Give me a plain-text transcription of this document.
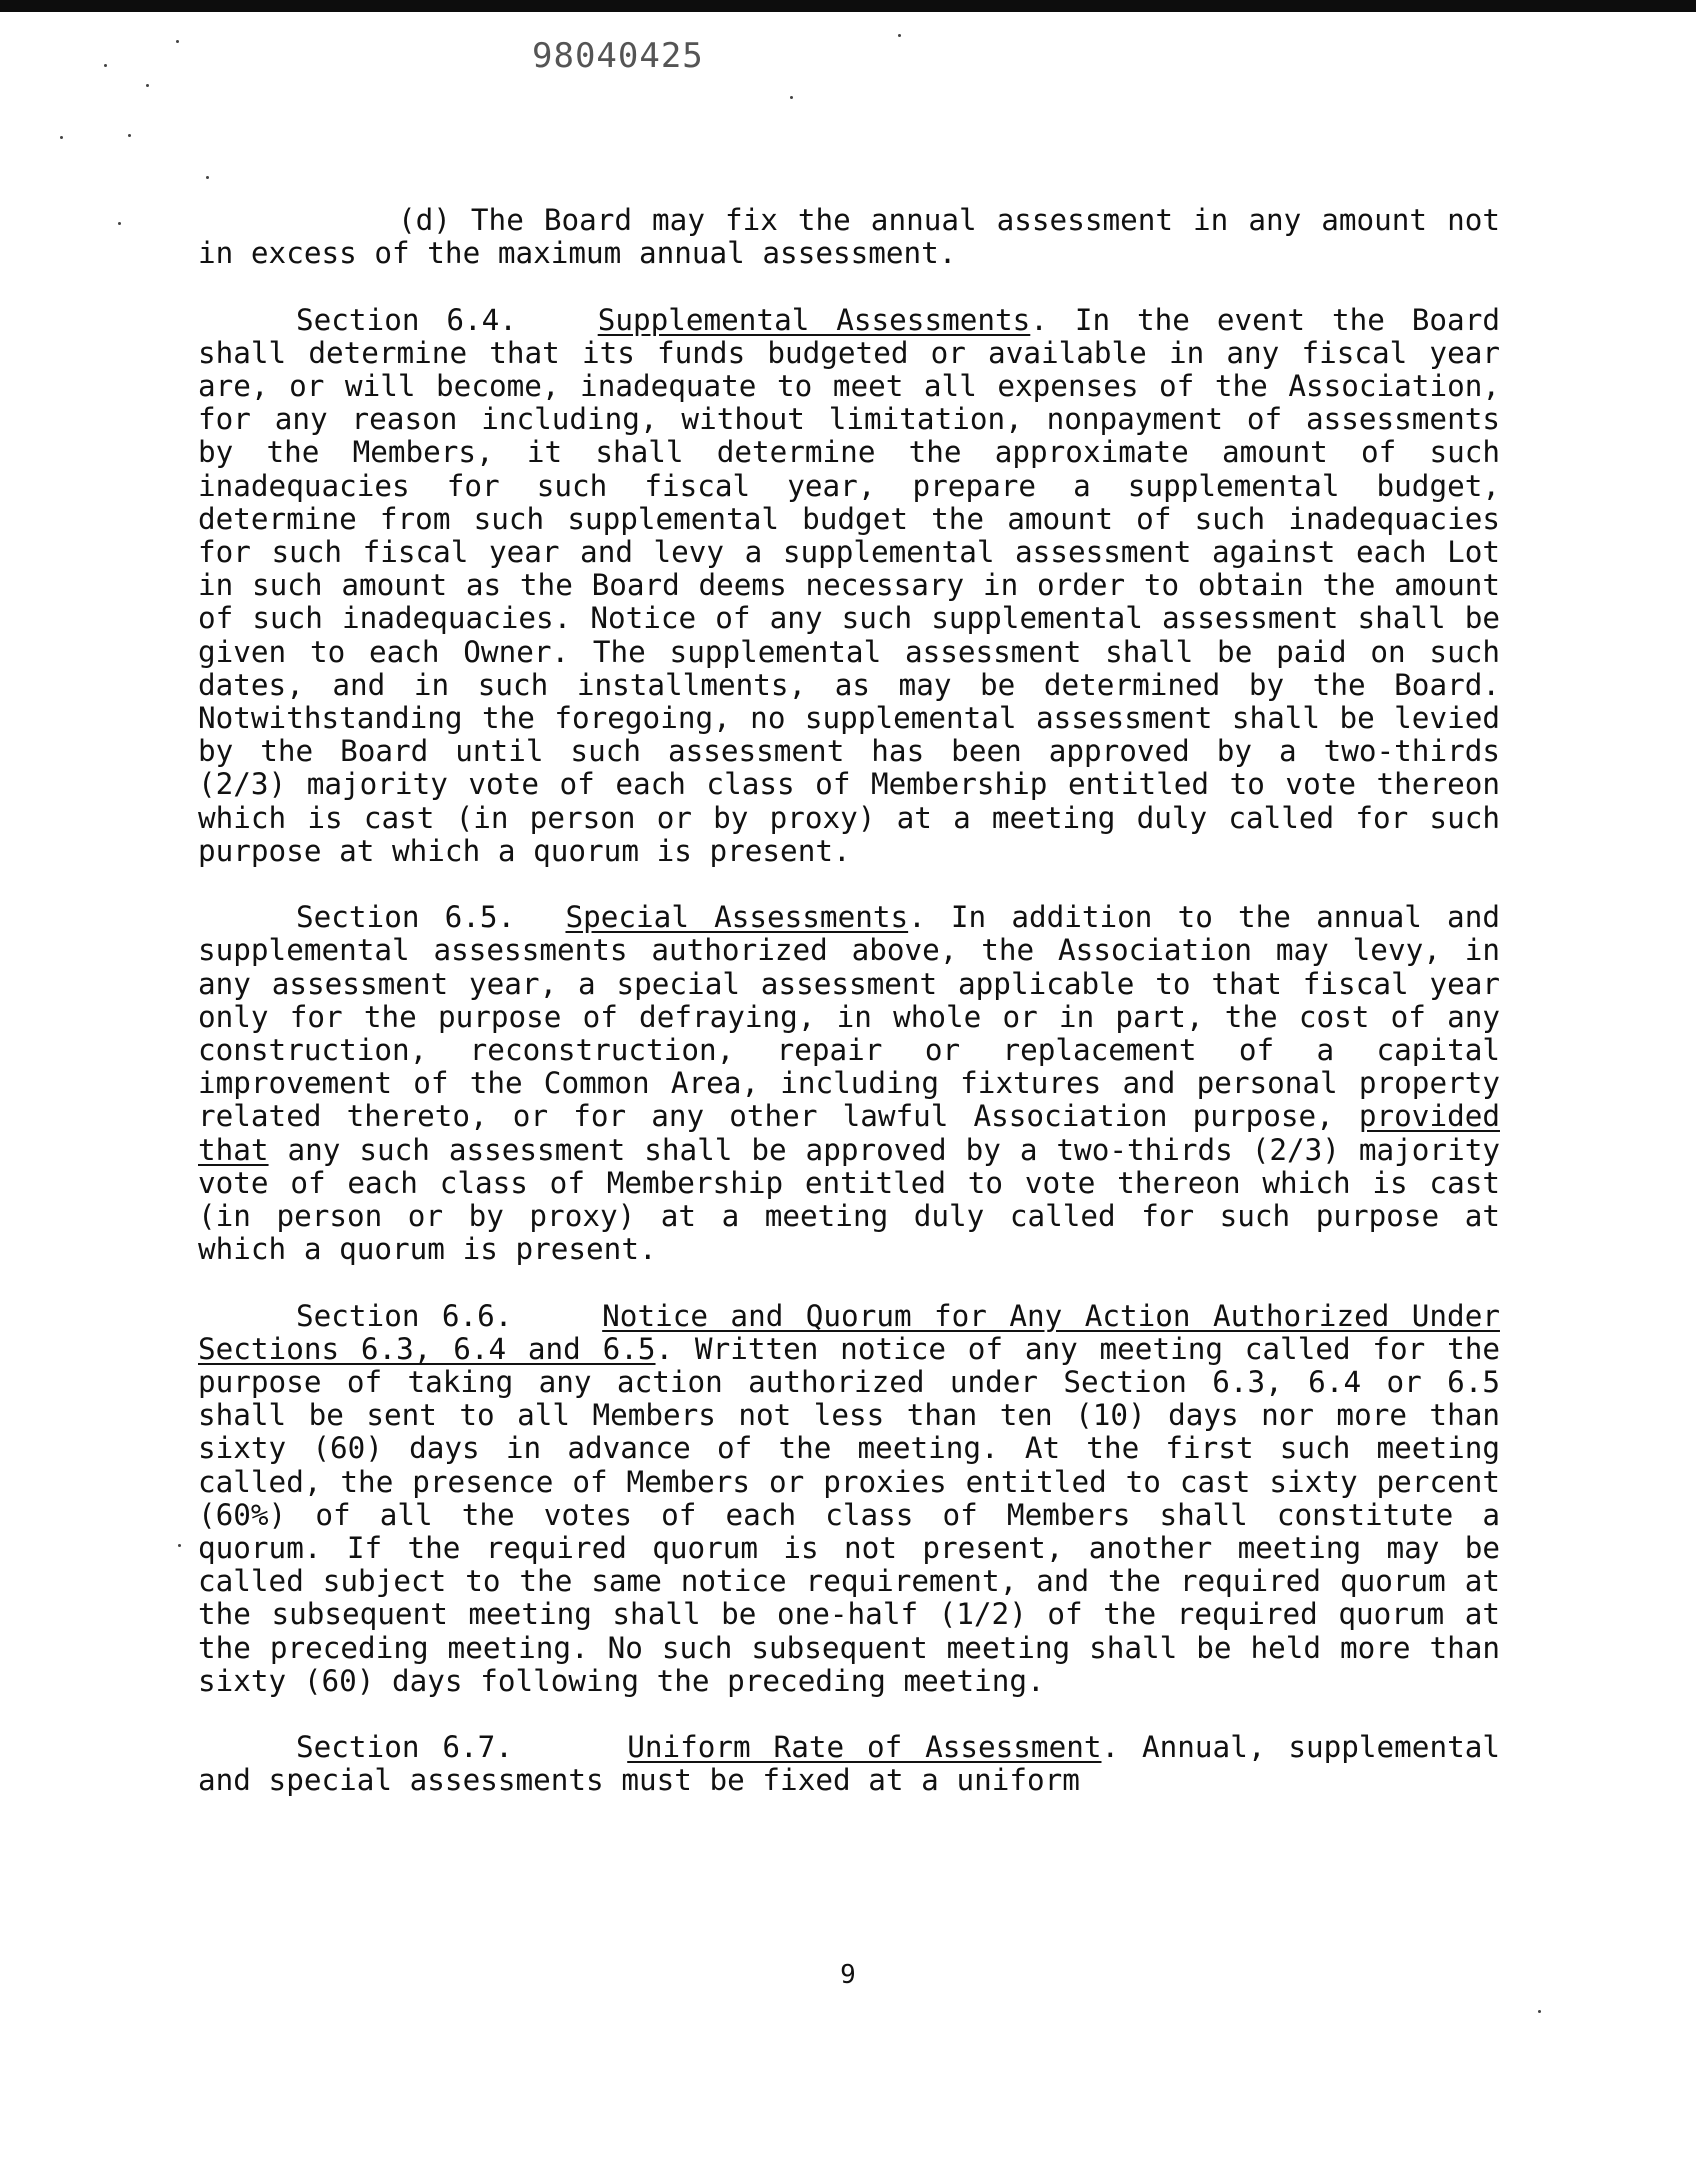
98040425

(d) The Board may fix the annual assessment in any amount not in excess of the maximum annual assessment.

Section 6.4.	Supplemental Assessments. In the event the Board shall determine that its funds budgeted or available in any fiscal year are, or will become, inadequate to meet all expenses of the Association, for any reason including, without limitation, nonpayment of assessments by the Members, it shall determine the approximate amount of such inadequacies for such fiscal year, prepare a supplemental budget, determine from such supplemental budget the amount of such inadequacies for such fiscal year and levy a supplemental assessment against each Lot in such amount as the Board deems necessary in order to obtain the amount of such inadequacies. Notice of any such supplemental assessment shall be given to each Owner. The supplemental assessment shall be paid on such dates, and in such installments, as may be determined by the Board. Notwithstanding the foregoing, no supplemental assessment shall be levied by the Board until such assessment has been approved by a two-thirds (2/3) majority vote of each class of Membership entitled to vote thereon which is cast (in person or by proxy) at a meeting duly called for such purpose at which a quorum is present.

Section 6.5. Special Assessments. In addition to the annual and supplemental assessments authorized above, the Association may levy, in any assessment year, a special assessment applicable to that fiscal year only for the purpose of defraying, in whole or in part, the cost of any construction, reconstruction, repair or replacement of a capital improvement of the Common Area, including fixtures and personal property related thereto, or for any other lawful Association purpose, provided that any such assessment shall be approved by a two-thirds (2/3) majority vote of each class of Membership entitled to vote thereon which is cast (in person or by proxy) at a meeting duly called for such purpose at which a quorum is present.

Section 6.6.	Notice and Quorum for Any Action Authorized Under Sections 6.3, 6.4 and 6.5. Written notice of any meeting called for the purpose of taking any action authorized under Section 6.3, 6.4 or 6.5 shall be sent to all Members not less than ten (10) days nor more than sixty (60) days in advance of the meeting. At the first such meeting called, the presence of Members or proxies entitled to cast sixty percent (60%) of all the votes of each class of Members shall constitute a quorum. If the required quorum is not present, another meeting may be called subject to the same notice requirement, and the required quorum at the subsequent meeting shall be one-half (1/2) of the required quorum at the preceding meeting. No such subsequent meeting shall be held more than sixty (60) days following the preceding meeting.

Section 6.7.	Uniform Rate of Assessment. Annual, supplemental and special assessments must be fixed at a uniform

9
